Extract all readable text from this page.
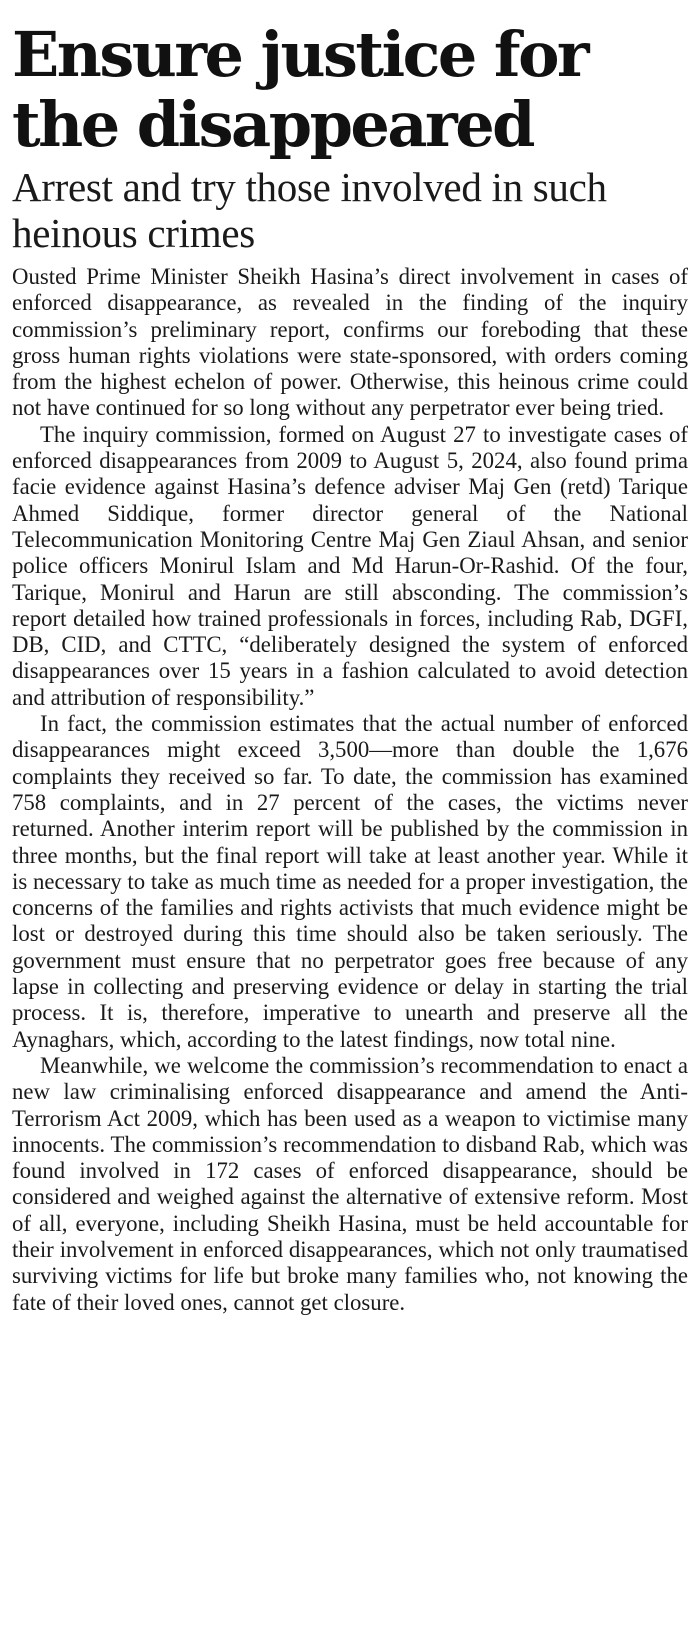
Ensure justice for the disappeared
Arrest and try those involved in such heinous crimes

Ousted Prime Minister Sheikh Hasina’s direct involvement in cases of enforced disappearance, as revealed in the finding of the inquiry commission’s preliminary report, confirms our foreboding that these gross human rights violations were state-sponsored, with orders coming from the highest echelon of power. Otherwise, this heinous crime could not have continued for so long without any perpetrator ever being tried.

The inquiry commission, formed on August 27 to investigate cases of enforced disappearances from 2009 to August 5, 2024, also found prima facie evidence against Hasina’s defence adviser Maj Gen (retd) Tarique Ahmed Siddique, former director general of the National Telecommunication Monitoring Centre Maj Gen Ziaul Ahsan, and senior police officers Monirul Islam and Md Harun-Or-Rashid. Of the four, Tarique, Monirul and Harun are still absconding. The commission’s report detailed how trained professionals in forces, including Rab, DGFI, DB, CID, and CTTC, “deliberately designed the system of enforced disappearances over 15 years in a fashion calculated to avoid detection and attribution of responsibility.”

In fact, the commission estimates that the actual number of enforced disappearances might exceed 3,500—more than double the 1,676 complaints they received so far. To date, the commission has examined 758 complaints, and in 27 percent of the cases, the victims never returned. Another interim report will be published by the commission in three months, but the final report will take at least another year. While it is necessary to take as much time as needed for a proper investigation, the concerns of the families and rights activists that much evidence might be lost or destroyed during this time should also be taken seriously. The government must ensure that no perpetrator goes free because of any lapse in collecting and preserving evidence or delay in starting the trial process. It is, therefore, imperative to unearth and preserve all the Aynaghars, which, according to the latest findings, now total nine.

Meanwhile, we welcome the commission’s recommendation to enact a new law criminalising enforced disappearance and amend the Anti-Terrorism Act 2009, which has been used as a weapon to victimise many innocents. The commission’s recommendation to disband Rab, which was found involved in 172 cases of enforced disappearance, should be considered and weighed against the alternative of extensive reform. Most of all, everyone, including Sheikh Hasina, must be held accountable for their involvement in enforced disappearances, which not only traumatised surviving victims for life but broke many families who, not knowing the fate of their loved ones, cannot get closure.
